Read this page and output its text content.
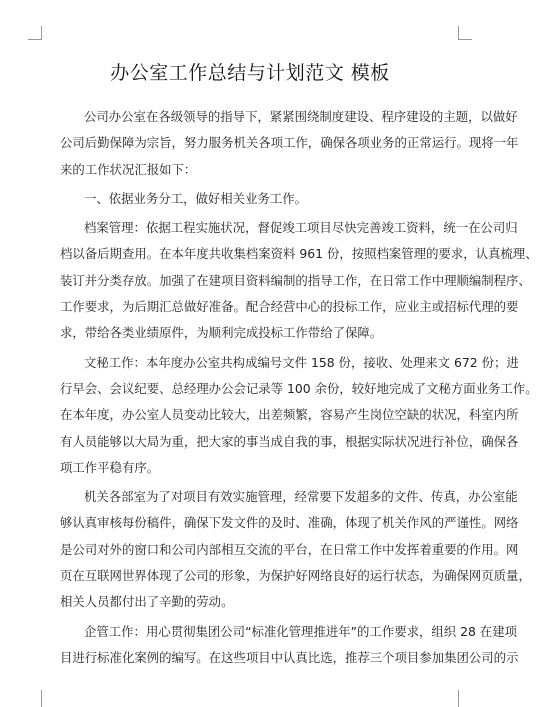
办公室工作总结与计划范文 模板
公司办公室在各级领导的指导下，紧紧围绕制度建设、程序建设的主题，以做好
公司后勤保障为宗旨，努力服务机关各项工作，确保各项业务的正常运行。现将一年
来的工作状况汇报如下：
一、依据业务分工，做好相关业务工作。
档案管理：依据工程实施状况，督促竣工项目尽快完善竣工资料，统一在公司归
档以备后期查用。在本年度共收集档案资料 961 份，按照档案管理的要求，认真梳理、
装订并分类存放。加强了在建项目资料编制的指导工作，在日常工作中理顺编制程序、
工作要求，为后期汇总做好准备。配合经营中心的投标工作，应业主或招标代理的要
求，带给各类业绩原件，为顺利完成投标工作带给了保障。
文秘工作：本年度办公室共构成编号文件 158 份，接收、处理来文 672 份；进
行早会、会议纪要、总经理办公会记录等 100 余份，较好地完成了文秘方面业务工作。
在本年度，办公室人员变动比较大，出差频繁，容易产生岗位空缺的状况，科室内所
有人员能够以大局为重，把大家的事当成自我的事，根据实际状况进行补位，确保各
项工作平稳有序。
机关各部室为了对项目有效实施管理，经常要下发超多的文件、传真，办公室能
够认真审核每份稿件，确保下发文件的及时、准确，体现了机关作风的严谨性。网络
是公司对外的窗口和公司内部相互交流的平台，在日常工作中发挥着重要的作用。网
页在互联网世界体现了公司的形象，为保护好网络良好的运行状态，为确保网页质量，
相关人员都付出了辛勤的劳动。
企管工作：用心贯彻集团公司“标准化管理推进年”的工作要求，组织 28 在建项
目进行标准化案例的编写。在这些项目中认真比选，推荐三个项目参加集团公司的示
